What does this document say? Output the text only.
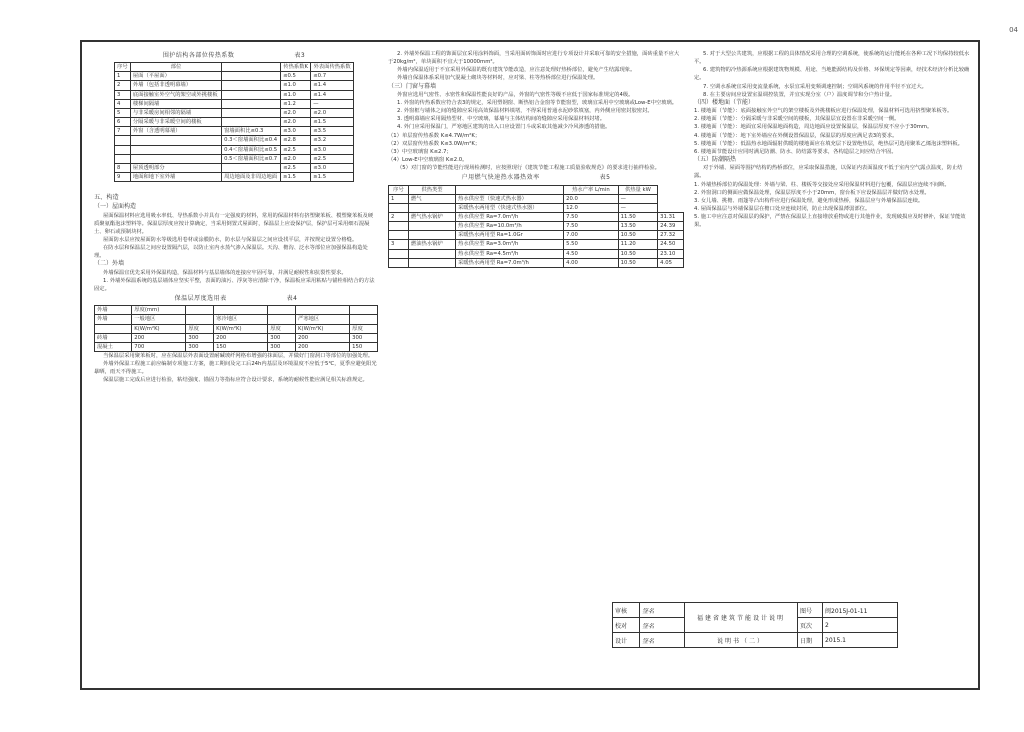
04
围护结构各部位传热系数	表3
序号	部位		传热系数K	外表面传热系数
1	屋面（平屋面）		≤0.5	≤0.7
2	外墙（包括非透明幕墙）		≤1.0	≤1.4
3	底面接触室外空气的架空或外挑楼板		≤1.0	≤1.4
4	楼梯间隔墙		≤1.2	—
5	与非采暖房间相邻的隔墙		≤2.0	≤2.0
6	分隔采暖与非采暖空间的楼板		≤2.0	≤1.5
7	外窗（含透明幕墙）	窗墙面积比≤0.3	≤3.0	≤3.5
		0.3＜窗墙面积比≤0.4	≤2.8	≤3.2
		0.4＜窗墙面积比≤0.5	≤2.5	≤3.0
		0.5＜窗墙面积比≤0.7	≤2.0	≤2.5
8	屋顶透明部分		≤2.5	≤3.0
9	地面和地下室外墙	周边地面及非周边地面	≥1.5	≥1.5
五、构造
（一）屋面构造

屋面保温材料应选用吸水率低、导热系数小并具有一定强度的材料，常用的保温材料有挤塑聚苯板、模塑聚苯板及硬质聚氨酯泡沫塑料等。保温层厚度应按计算确定，当采用倒置式屋面时，保温层上应设保护层，保护层可采用细石混凝土、卵石或预制块材。

屋面防水层应按屋面防水等级选用卷材或涂膜防水，防水层与保温层之间应设找平层，并按规定设置分格缝。

在防水层和保温层之间应设置隔汽层，以防止室内水蒸气渗入保温层。天沟、檐沟、泛水等部位应加强保温构造处理。

（二）外墙

外墙保温宜优先采用外保温构造，保温材料与基层墙体的连接应牢固可靠，并满足耐候性和抗裂性要求。

1. 外墙外保温系统的基层墙体应坚实平整，表面的油污、浮灰等应清除干净，保温板应采用粘贴与锚栓相结合的方法固定。

保温层厚度选用表	表4
外墙	厚度(mm)					
外墙	一般地区		寒冷地区		严寒地区	
	K(W/m²K)	厚度	K(W/m²K)	厚度	K(W/m²K)	厚度
砖墙	200	300	200	300	200	300
混凝土	700	300	150	300	200	150

当保温层采用聚苯板时，应在保温层外表面设置耐碱玻纤网格布增强的抹面层，并做好门窗洞口等部位的加强处理。

外墙外保温工程施工前应编制专项施工方案，施工期间及完工后24h内基层及环境温度不应低于5℃，夏季应避免阳光暴晒，雨天不得施工。

保温层施工完成后应进行检验，粘结强度、锚固力等指标应符合设计要求，系统的耐候性能应满足相关标准规定。

2. 外墙外保温工程的饰面层宜采用涂料饰面，当采用面砖饰面时应进行专项设计并采取可靠的安全措施，面砖重量不应大于20kg/m²，单块面积不宜大于10000mm²。

外墙内保温适用于不宜采用外保温的既有建筑节能改造，应注意处理好热桥部位，避免产生结露现象。

外墙自保温体系采用加气混凝土砌块等材料时，应对梁、柱等热桥部位进行保温处理。

（三）门窗与幕墙

外窗应选用气密性、水密性和保温性能良好的产品，外窗的气密性等级不应低于国家标准规定的4级。

1. 外窗的传热系数应符合表3的规定，采用塑钢窗、断热铝合金窗等节能窗型，玻璃宜采用中空玻璃或Low-E中空玻璃。

2. 外窗框与墙体之间的缝隙应采用高效保温材料填堵，不得采用普通水泥砂浆填塞，内外侧应用密封胶密封。

3. 透明幕墙应采用隔热型材、中空玻璃，幕墙与主体结构间的缝隙应采用保温材料封堵。

4. 外门应采用保温门，严寒地区建筑的出入口应设置门斗或采取其他减少冷风渗透的措施。

（1）单层窗传热系数 K≤4.7W/m²K；
（2）双层窗传热系数 K≤3.0W/m²K；
（3）中空玻璃窗 K≤2.7；
（4）Low-E中空玻璃窗 K≤2.0。

（5）对门窗的节能性能进行现场检测时，应按照现行《建筑节能工程施工质量验收规范》的要求进行抽样检验。

户用燃气快速热水器热效率	表5
序号	供热类型		热水产率 L/min	供热量 kW	
1	燃气	热水供应型（快速式热水器）	20.0	—	
		采暖热水两用型（快速式热水器）	12.0	—	
2	燃气热水锅炉	热水供应型 Ra=7.0m³/h	7.50	11.50	31.31
		热水供应型 Ra=10.0m³/h	7.50	13.50	24.39
		采暖热水两用型 Ra=1.0Gr	7.00	10.50	27.32
3	燃油热水锅炉	热水供应型 Ra=3.0m³/h	5.50	11.20	24.50
		热水供应型 Ra=4.5m³/h	4.50	10.50	23.10
		采暖热水两用型 Ra=7.0m³/h	4.00	10.50	4.05

5. 对于大型公共建筑，应根据工程的具体情况采用合理的空调系统，使系统的运行能耗在各种工况下均保持较低水平。

6. 建筑物的冷热源系统应根据建筑物规模、用途、当地能源结构及价格、环保规定等因素，经技术经济分析比较确定。

7. 空调水系统宜采用变流量系统，水泵宜采用变频调速控制；空调风系统的作用半径不宜过大。

8. 在主要房间应设置室温调控装置，并宜实现分室（户）温度调节和分户热计量。

（四）楼地面（节能）
1. 楼地面（节能）：底面接触室外空气的架空楼板及外挑楼板应进行保温处理，保温材料可选用挤塑聚苯板等。
2. 楼地面（节能）：分隔采暖与非采暖空间的楼板，其保温层宜设置在非采暖空间一侧。
3. 楼地面（节能）：地面宜采用保温地面构造，周边地面应设置保温层，保温层厚度不应小于30mm。
4. 楼地面（节能）：地下室外墙应在外侧设置保温层，保温层的厚度应满足表3的要求。
5. 楼地面（节能）：低温热水地面辐射供暖的楼地面应在填充层下设置绝热层，绝热层可选用聚苯乙烯泡沫塑料板。
6. 楼地面节能设计应同时满足防潮、防水、防结露等要求，各构造层之间应结合牢固。
（五）防潮隔热

对于外墙、屋面等围护结构的热桥部位，应采取保温措施，以保证内表面温度不低于室内空气露点温度，防止结露。

1. 外墙热桥部位的保温处理：外墙与梁、柱、楼板等交接处应采用保温材料进行包覆，保温层应连续不间断。
2. 外窗洞口的侧面应做保温处理，保温层厚度不小于20mm，窗台板下应设保温层并做好防水处理。
3. 女儿墙、挑檐、雨篷等凸出构件应进行保温处理，避免形成热桥，保温层应与外墙保温层连续。
4. 屋面保温层与外墙保温层在檐口处应连续封闭，防止出现保温薄弱部位。
5. 施工中应注意对保温层的保护，严禁在保温层上直接堆放重物或进行其他作业，发现破损应及时修补，保证节能效果。
审核	签名	福建省建筑节能设计说明	图号	闽2015J-01-11
校对	签名		页次	2
设计	签名	说明书（二）	日期	2015.1
